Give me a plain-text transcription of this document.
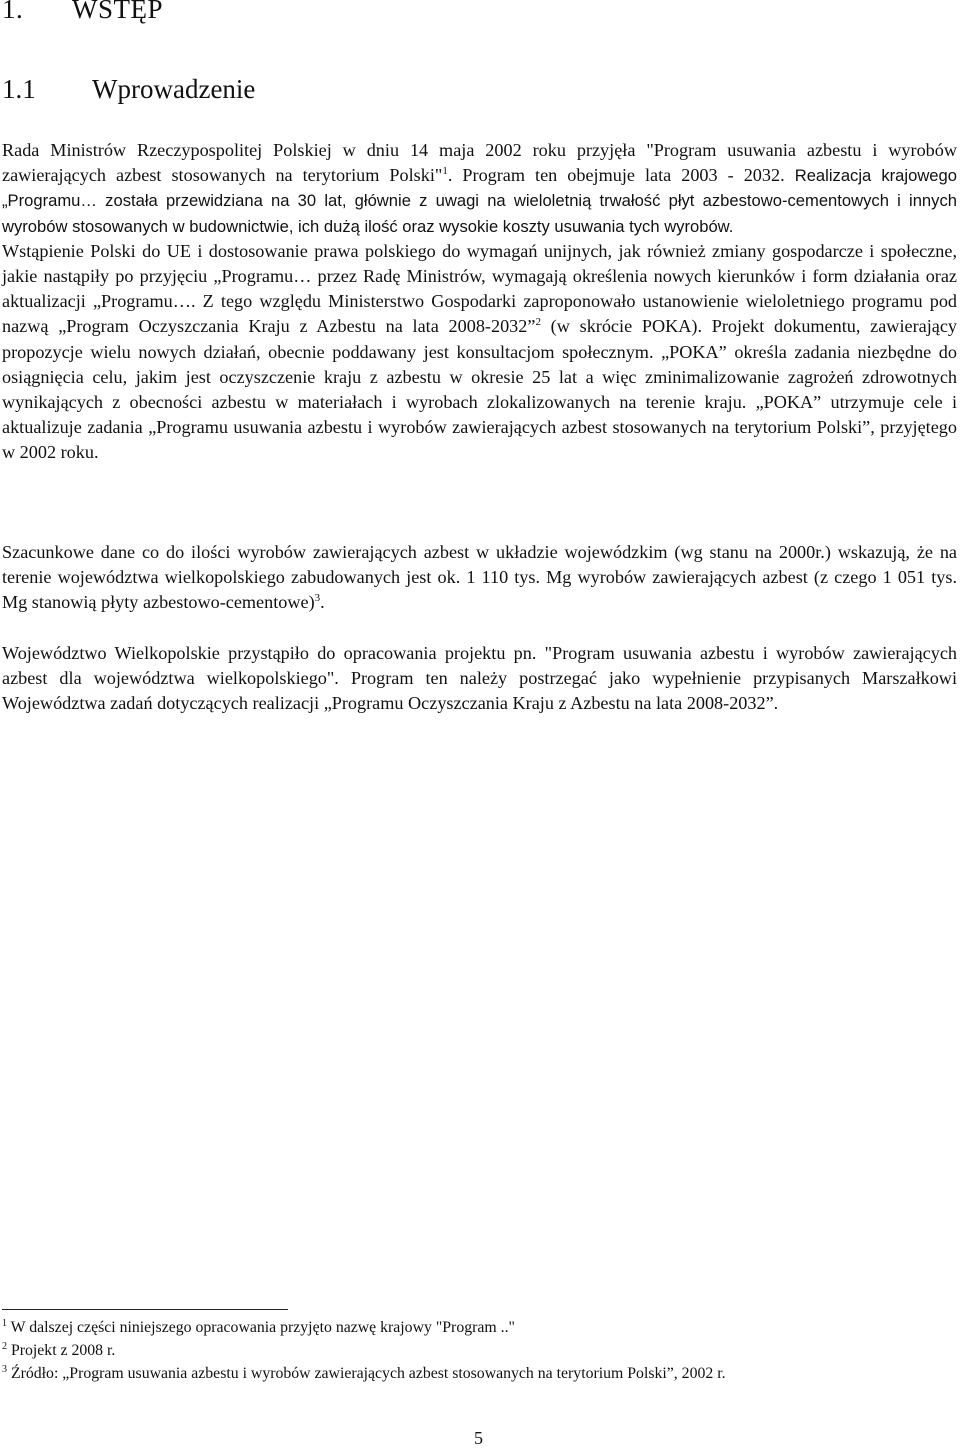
1. WSTĘP
1.1 Wprowadzenie

Rada Ministrów Rzeczypospolitej Polskiej w dniu 14 maja 2002 roku przyjęła "Program usuwania azbestu i wyrobów zawierających azbest stosowanych na terytorium Polski"$^1$. Program ten obejmuje lata 2003 - 2032. Realizacja krajowego „Programu… została przewidziana na 30 lat, głównie z uwagi na wieloletnią trwałość płyt azbestowo-cementowych i innych wyrobów stosowanych w budownictwie, ich dużą ilość oraz wysokie koszty usuwania tych wyrobów.
Wstąpienie Polski do UE i dostosowanie prawa polskiego do wymagań unijnych, jak również zmiany gospodarcze i społeczne, jakie nastąpiły po przyjęciu „Programu… przez Radę Ministrów, wymagają określenia nowych kierunków i form działania oraz aktualizacji „Programu…. Z tego względu Ministerstwo Gospodarki zaproponowało ustanowienie wieloletniego programu pod nazwą „Program Oczyszczania Kraju z Azbestu na lata 2008-2032”$^2$ (w skrócie POKA). Projekt dokumentu, zawierający propozycje wielu nowych działań, obecnie poddawany jest konsultacjom społecznym. „POKA” określa zadania niezbędne do osiągnięcia celu, jakim jest oczyszczenie kraju z azbestu w okresie 25 lat a więc zminimalizowanie zagrożeń zdrowotnych wynikających z obecności azbestu w materiałach i wyrobach zlokalizowanych na terenie kraju. „POKA” utrzymuje cele i aktualizuje zadania „Programu usuwania azbestu i wyrobów zawierających azbest stosowanych na terytorium Polski”, przyjętego w 2002 roku.

Szacunkowe dane co do ilości wyrobów zawierających azbest w układzie wojewódzkim (wg stanu na 2000r.) wskazują, że na terenie województwa wielkopolskiego zabudowanych jest ok. 1 110 tys. Mg wyrobów zawierających azbest (z czego 1 051 tys. Mg stanowią płyty azbestowo-cementowe)$^3$.

Województwo Wielkopolskie przystąpiło do opracowania projektu pn. "Program usuwania azbestu i wyrobów zawierających azbest dla województwa wielkopolskiego". Program ten należy postrzegać jako wypełnienie przypisanych Marszałkowi Województwa zadań dotyczących realizacji „Programu Oczyszczania Kraju z Azbestu na lata 2008-2032”.

$^1$ W dalszej części niniejszego opracowania przyjęto nazwę krajowy "Program .."
$^2$ Projekt z 2008 r.
$^3$ Źródło: „Program usuwania azbestu i wyrobów zawierających azbest stosowanych na terytorium Polski”, 2002 r.
5
